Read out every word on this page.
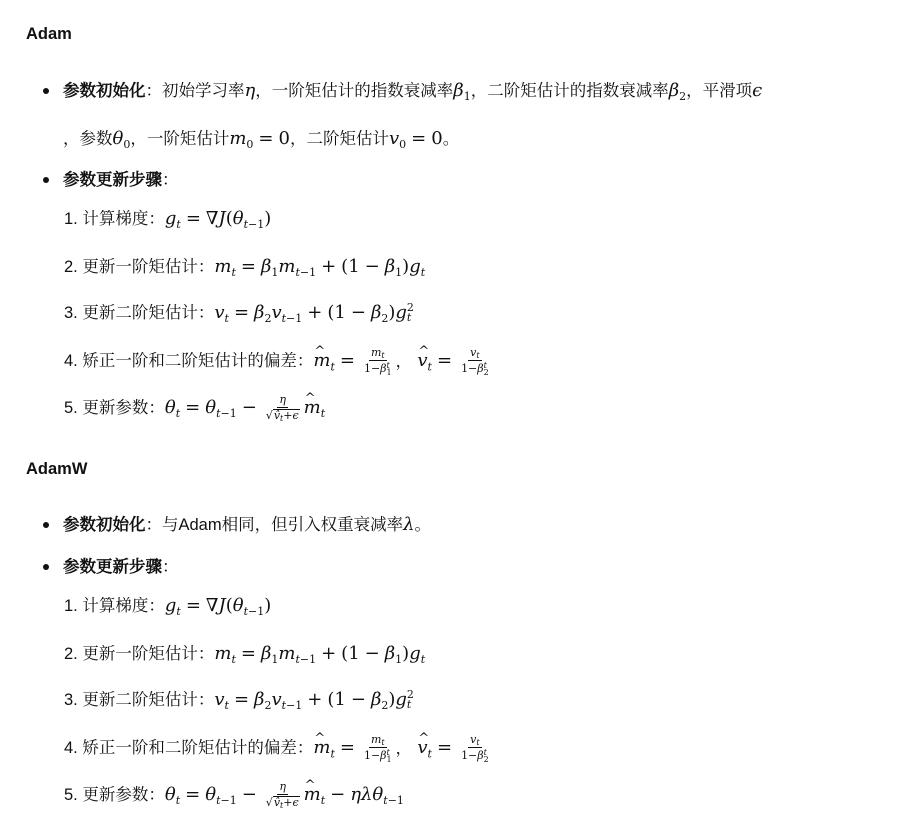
Adam
参数初始化 ：初始学习率 η ，一阶矩估计的指数衰减率 $\beta_1$ ，二阶矩估计的指数衰减率 $\beta_2$ ，平滑项 ϵ
，参数 $\theta_0$ ，一阶矩估计 $m_0 = 0$ ，二阶矩估计 $v_0 = 0$ 。
参数更新步骤 ：
1. 计算梯度： $g_t = \nabla J(\theta_{t-1})$
2. 更新一阶矩估计： $m_t = \beta_1m_{t-1} + (1 - \beta_1)g_t$
3. 更新二阶矩估计： $v_t = \beta_2v_{t-1} + (1 - \beta_2)g$ 2
t
4. 矫正一阶和二阶矩估计的偏差： ^ $m_t = m_t$
1−β t
1 ， ^ $v_t = v_t$
1−β t
2
5. 更新参数： $\theta_t = \theta_{t-1} - \frac{\eta}{√v̂_t+\epsilon}$ ^ $m_t$
AdamW
参数初始化 ：与Adam相同，但引入权重衰减率 λ 。
参数更新步骤 ：
1. 计算梯度： $g_t = \nabla J(\theta_{t-1})$
2. 更新一阶矩估计： $m_t = \beta_1m_{t-1} + (1 - \beta_1)g_t$
3. 更新二阶矩估计： $v_t = \beta_2v_{t-1} + (1 - \beta_2)g$ 2
t
4. 矫正一阶和二阶矩估计的偏差： ^ $m_t = m_t$
1−β t
1 ， ^ $v_t = v_t$
1−β t
2
5. 更新参数： $\theta_t = \theta_{t-1} - \frac{\eta}{√v̂_t+\epsilon}$ ^ $m_t - \eta\lambda\theta_{t-1}$
